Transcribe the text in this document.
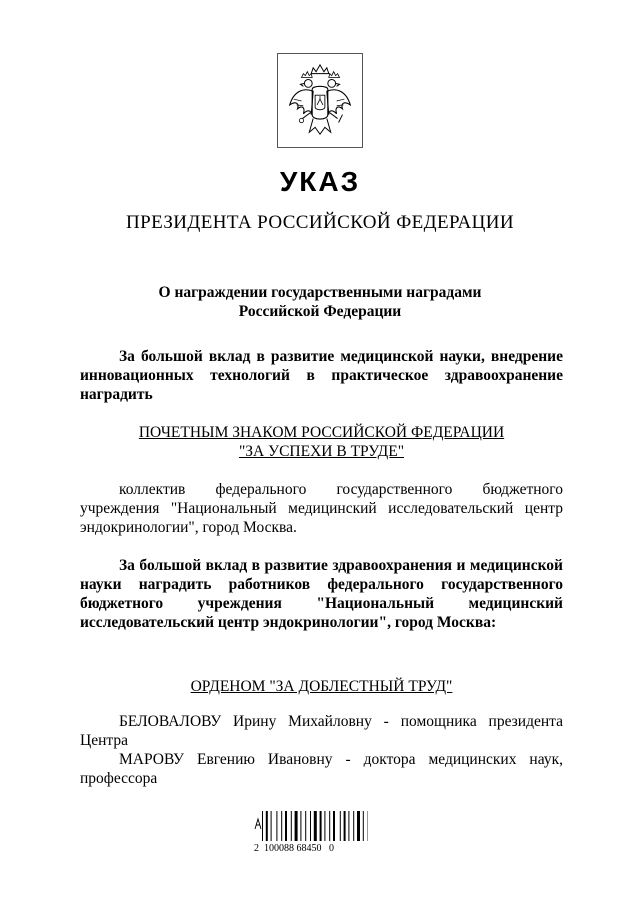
УКАЗ
ПРЕЗИДЕНТА РОССИЙСКОЙ ФЕДЕРАЦИИ
О награждении государственными наградами
Российской Федерации
За большой вклад в развитие медицинской науки, внедрение инновационных технологий в практическое здравоохранение наградить
ПОЧЕТНЫМ ЗНАКОМ РОССИЙСКОЙ ФЕДЕРАЦИИ
"ЗА УСПЕХИ В ТРУДЕ"
коллектив федерального государственного бюджетного учреждения "Национальный медицинский исследовательский центр эндокринологии", город Москва.
За большой вклад в развитие здравоохранения и медицинской науки наградить работников федерального государственного бюджетного учреждения "Национальный медицинский исследовательский центр эндокринологии", город Москва:
ОРДЕНОМ "ЗА ДОБЛЕСТНЫЙ ТРУД"
БЕЛОВАЛОВУ Ирину Михайловну - помощника президента Центра
МАРОВУ Евгению Ивановну - доктора медицинских наук, профессора
2  100088 68450   0
